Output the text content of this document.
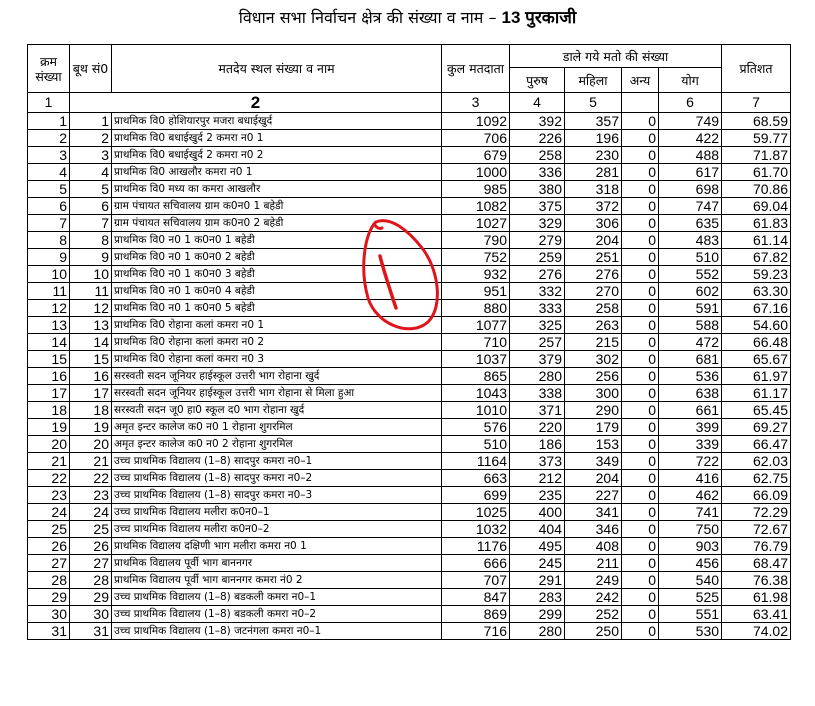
विधान सभा निर्वाचन क्षेत्र की संख्या व नाम – 13 पुरकाजी
क्रम संख्या	बूथ सं0	मतदेय स्थल संख्या व नाम	कुल मतदाता	डाले गये मतो की संख्या				प्रतिशत
				पुरुष	महिला	अन्य	योग	
1	2		3	4	5		6	7
1	1	प्राथमिक वि0 होशियारपुर मजरा बधाईखुर्द	1092	392	357	0	749	68.59
2	2	प्राथमिक वि0 बधाईखुर्द 2 कमरा न0 1	706	226	196	0	422	59.77
3	3	प्राथमिक वि0 बधाईखुर्द 2 कमरा न0 2	679	258	230	0	488	71.87
4	4	प्राथमिक वि0 आखलौर कमरा न0 1	1000	336	281	0	617	61.70
5	5	प्राथमिक वि0 मध्य का कमरा आखलौर	985	380	318	0	698	70.86
6	6	ग्राम पंचायत सचिवालय ग्राम क0न0 1 बहेडी	1082	375	372	0	747	69.04
7	7	ग्राम पंचायत सचिवालय ग्राम क0न0 2 बहेडी	1027	329	306	0	635	61.83
8	8	प्राथमिक वि0 न0 1 क0न0 1 बहेडी	790	279	204	0	483	61.14
9	9	प्राथमिक वि0 न0 1 क0न0 2 बहेडी	752	259	251	0	510	67.82
10	10	प्राथमिक वि0 न0 1 क0न0 3 बहेडी	932	276	276	0	552	59.23
11	11	प्राथमिक वि0 न0 1 क0न0 4 बहेडी	951	332	270	0	602	63.30
12	12	प्राथमिक वि0 न0 1 क0न0 5 बहेडी	880	333	258	0	591	67.16
13	13	प्राथमिक वि0 रोहाना कलां कमरा न0 1	1077	325	263	0	588	54.60
14	14	प्राथमिक वि0 रोहाना कलां कमरा न0 2	710	257	215	0	472	66.48
15	15	प्राथमिक वि0 रोहाना कलां कमरा न0 3	1037	379	302	0	681	65.67
16	16	सरस्वती सदन जूनियर हाईस्कूल उत्तरी भाग रोहाना खुर्द	865	280	256	0	536	61.97
17	17	सरस्वती सदन जूनियर हाईस्कूल उत्तरी भाग रोहाना से मिला हुआ	1043	338	300	0	638	61.17
18	18	सरस्वती सदन जू0 हा0 स्कूल द0 भाग रोहाना खुर्द	1010	371	290	0	661	65.45
19	19	अमृत इन्टर कालेज क0 न0 1 रोहाना शुगरमिल	576	220	179	0	399	69.27
20	20	अमृत इन्टर कालेज क0 न0 2 रोहाना शुगरमिल	510	186	153	0	339	66.47
21	21	उच्च प्राथमिक विद्यालय (1–8) सादपुर कमरा न0–1	1164	373	349	0	722	62.03
22	22	उच्च प्राथमिक विद्यालय (1–8) सादपुर कमरा न0–2	663	212	204	0	416	62.75
23	23	उच्च प्राथमिक विद्यालय (1–8) सादपुर कमरा न0–3	699	235	227	0	462	66.09
24	24	उच्च प्राथमिक विद्यालय मलीरा क0न0–1	1025	400	341	0	741	72.29
25	25	उच्च प्राथमिक विद्यालय मलीरा क0न0–2	1032	404	346	0	750	72.67
26	26	प्राथमिक विद्यालय दक्षिणी भाग मलीरा कमरा न0 1	1176	495	408	0	903	76.79
27	27	प्राथमिक विद्यालय पूर्वी भाग बाननगर	666	245	211	0	456	68.47
28	28	प्राथमिक विद्यालय पूर्वी भाग बाननगर कमरा नं0 2	707	291	249	0	540	76.38
29	29	उच्च प्राथमिक विद्यालय (1–8) बडकली कमरा न0–1	847	283	242	0	525	61.98
30	30	उच्च प्राथमिक विद्यालय (1–8) बडकली कमरा न0–2	869	299	252	0	551	63.41
31	31	उच्च प्राथमिक विद्यालय (1–8) जटनंगला कमरा न0–1	716	280	250	0	530	74.02
